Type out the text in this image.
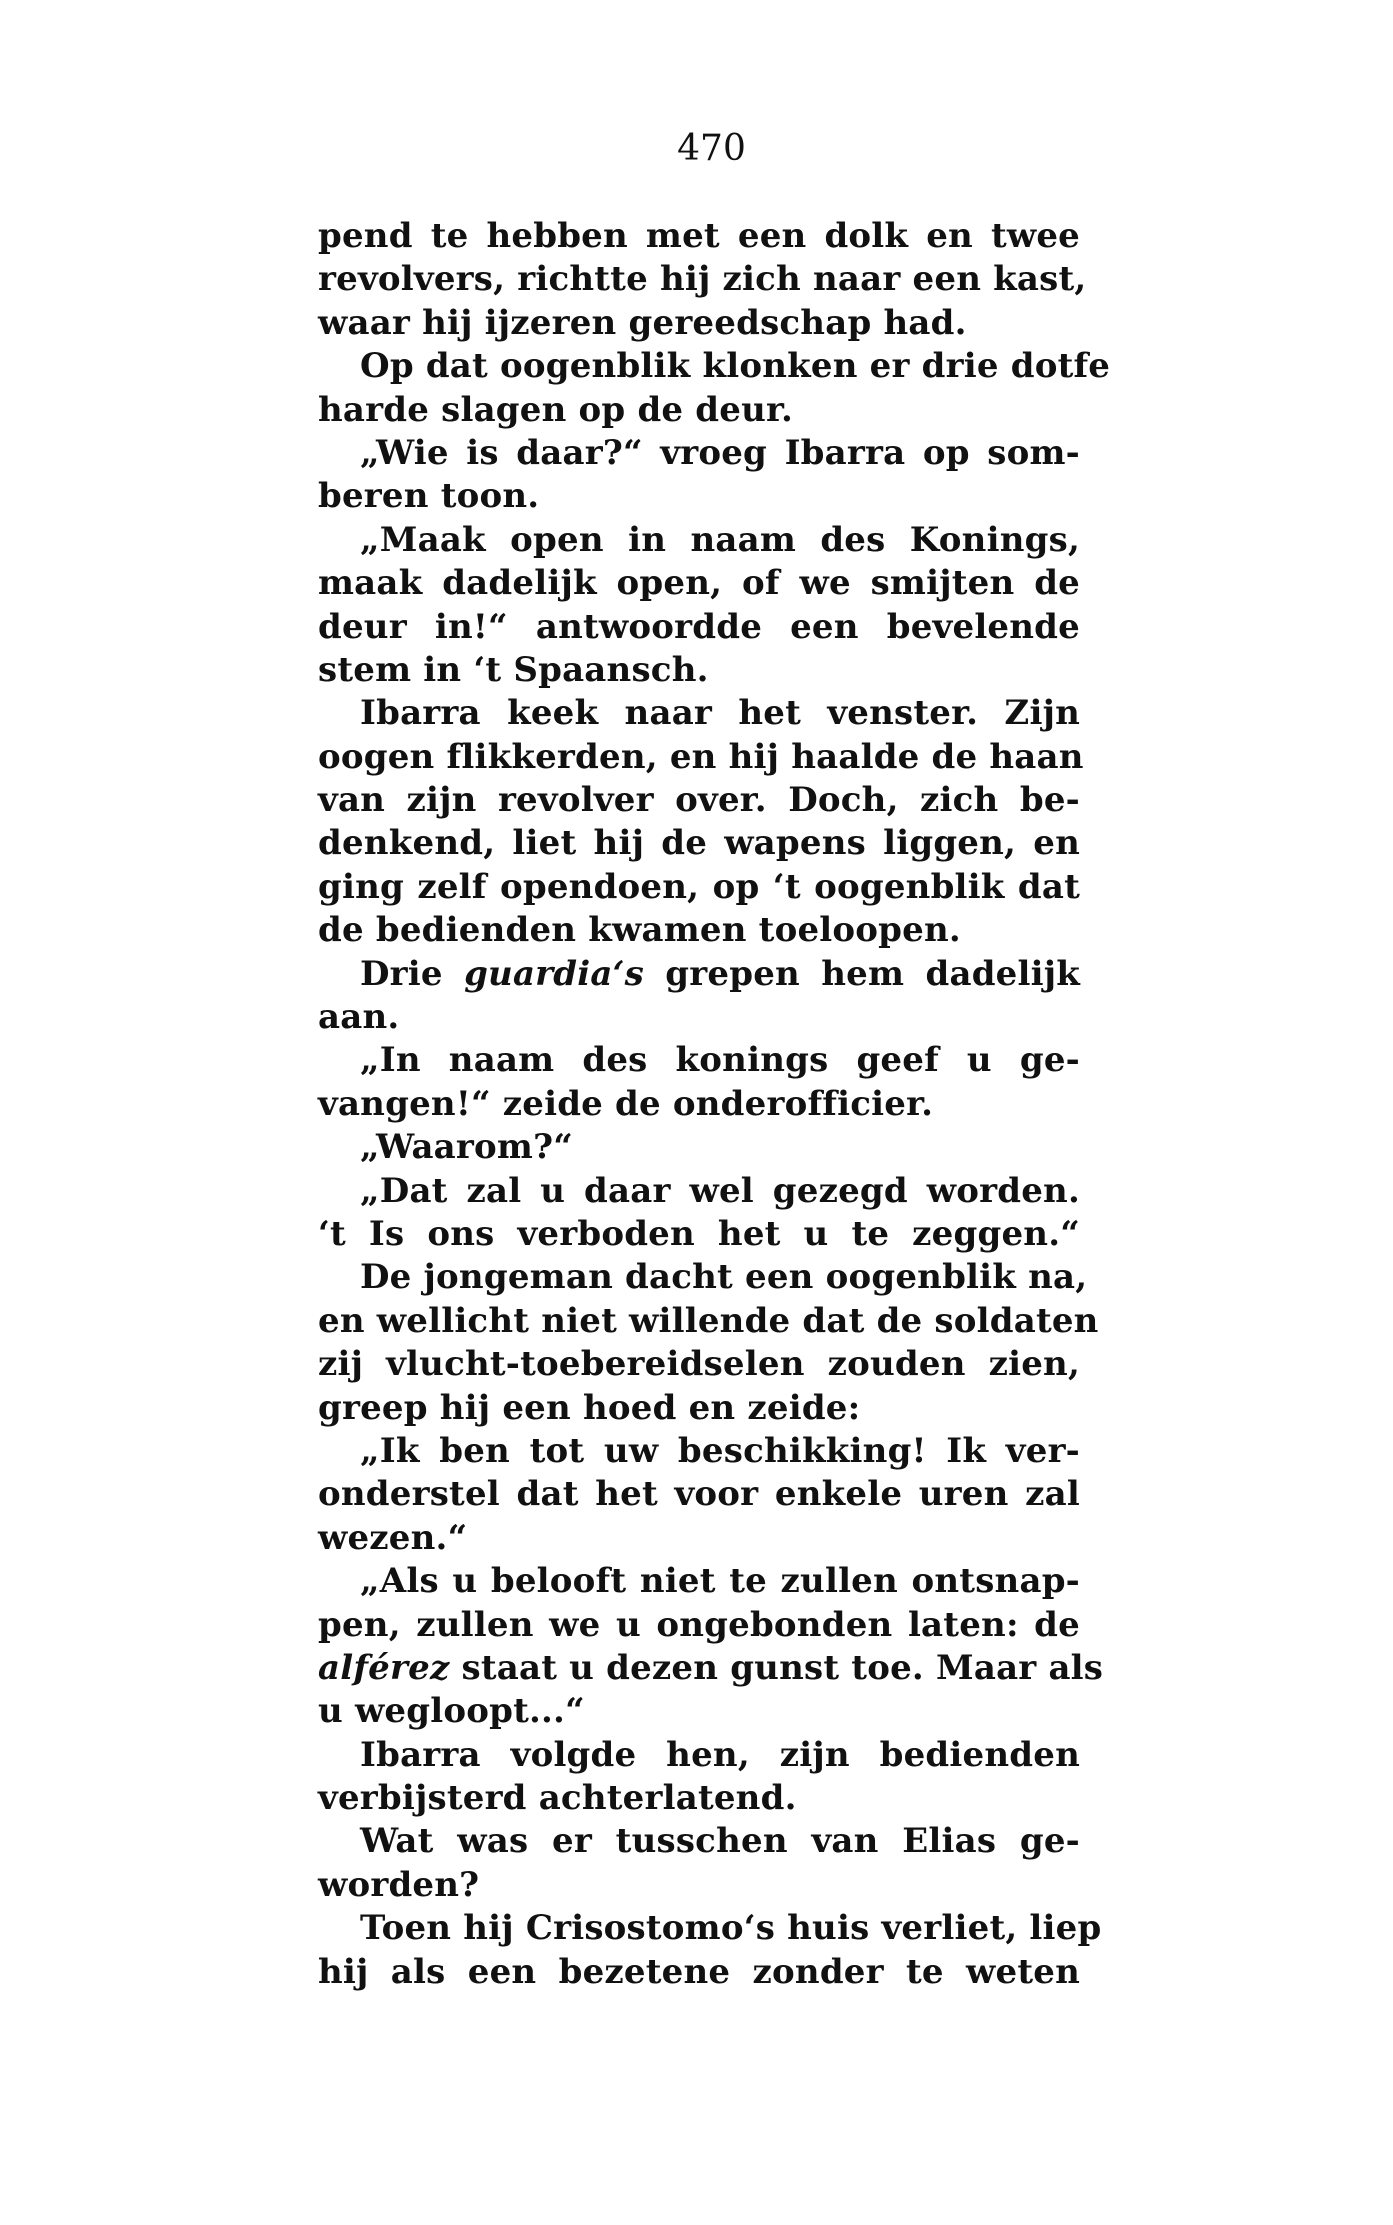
470
pend te hebben met een dolk en twee
revolvers, richtte hij zich naar een kast,
waar hij ijzeren gereedschap had.
Op dat oogenblik klonken er drie dotfe
harde slagen op de deur.
„Wie is daar?“ vroeg Ibarra op som-
beren toon.
„Maak open in naam des Konings,
maak dadelijk open, of we smijten de
deur in!“ antwoordde een bevelende
stem in ‘t Spaansch.
Ibarra keek naar het venster. Zijn
oogen flikkerden, en hij haalde de haan
van zijn revolver over. Doch, zich be-
denkend, liet hij de wapens liggen, en
ging zelf opendoen, op ‘t oogenblik dat
de bedienden kwamen toeloopen.
Drie guardia‘s grepen hem dadelijk
aan.
„In naam des konings geef u ge-
vangen!“ zeide de onderofficier.
„Waarom?“
„Dat zal u daar wel gezegd worden.
‘t Is ons verboden het u te zeggen.“
De jongeman dacht een oogenblik na,
en wellicht niet willende dat de soldaten
zij vlucht-toebereidselen zouden zien,
greep hij een hoed en zeide:
„Ik ben tot uw beschikking! Ik ver-
onderstel dat het voor enkele uren zal
wezen.“
„Als u belooft niet te zullen ontsnap-
pen, zullen we u ongebonden laten: de
alférez staat u dezen gunst toe. Maar als
u wegloopt...“
Ibarra volgde hen, zijn bedienden
verbijsterd achterlatend.
Wat was er tusschen van Elias ge-
worden?
Toen hij Crisostomo‘s huis verliet, liep
hij als een bezetene zonder te weten
